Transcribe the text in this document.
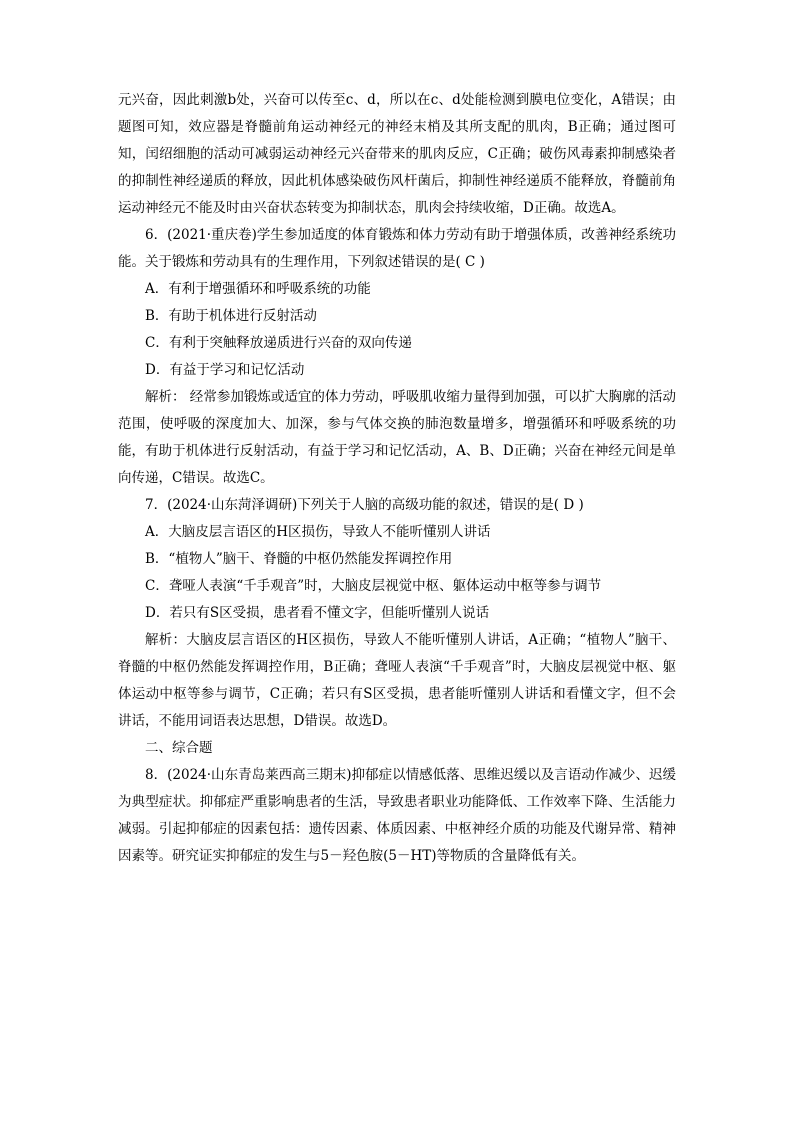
元兴奋，因此刺激b处，兴奋可以传至c、d，所以在c、d处能检测到膜电位变化，A错误；由题图可知，效应器是脊髓前角运动神经元的神经末梢及其所支配的肌肉，B正确；通过图可知，闰绍细胞的活动可减弱运动神经元兴奋带来的肌肉反应，C正确；破伤风毒素抑制感染者的抑制性神经递质的释放，因此机体感染破伤风杆菌后，抑制性神经递质不能释放，脊髓前角运动神经元不能及时由兴奋状态转变为抑制状态，肌肉会持续收缩，D正确。故选A。

6．(2021·重庆卷)学生参加适度的体育锻炼和体力劳动有助于增强体质，改善神经系统功能。关于锻炼和劳动具有的生理作用，下列叙述错误的是( C )

A．有利于增强循环和呼吸系统的功能

B．有助于机体进行反射活动

C．有利于突触释放递质进行兴奋的双向传递

D．有益于学习和记忆活动

解析： 经常参加锻炼或适宜的体力劳动，呼吸肌收缩力量得到加强，可以扩大胸廓的活动范围，使呼吸的深度加大、加深，参与气体交换的肺泡数量增多，增强循环和呼吸系统的功能，有助于机体进行反射活动，有益于学习和记忆活动，A、B、D正确；兴奋在神经元间是单向传递，C错误。故选C。

7．(2024·山东菏泽调研)下列关于人脑的高级功能的叙述，错误的是( D )

A．大脑皮层言语区的H区损伤，导致人不能听懂别人讲话

B．“植物人”脑干、脊髓的中枢仍然能发挥调控作用

C．聋哑人表演“千手观音”时，大脑皮层视觉中枢、躯体运动中枢等参与调节

D．若只有S区受损，患者看不懂文字，但能听懂别人说话

解析：大脑皮层言语区的H区损伤，导致人不能听懂别人讲话，A正确；“植物人”脑干、脊髓的中枢仍然能发挥调控作用，B正确；聋哑人表演“千手观音”时，大脑皮层视觉中枢、躯体运动中枢等参与调节，C正确；若只有S区受损，患者能听懂别人讲话和看懂文字，但不会讲话，不能用词语表达思想，D错误。故选D。

二、综合题

8．(2024·山东青岛莱西高三期末)抑郁症以情感低落、思维迟缓以及言语动作减少、迟缓为典型症状。抑郁症严重影响患者的生活，导致患者职业功能降低、工作效率下降、生活能力减弱。引起抑郁症的因素包括：遗传因素、体质因素、中枢神经介质的功能及代谢异常、精神因素等。研究证实抑郁症的发生与5－羟色胺(5－HT)等物质的含量降低有关。
